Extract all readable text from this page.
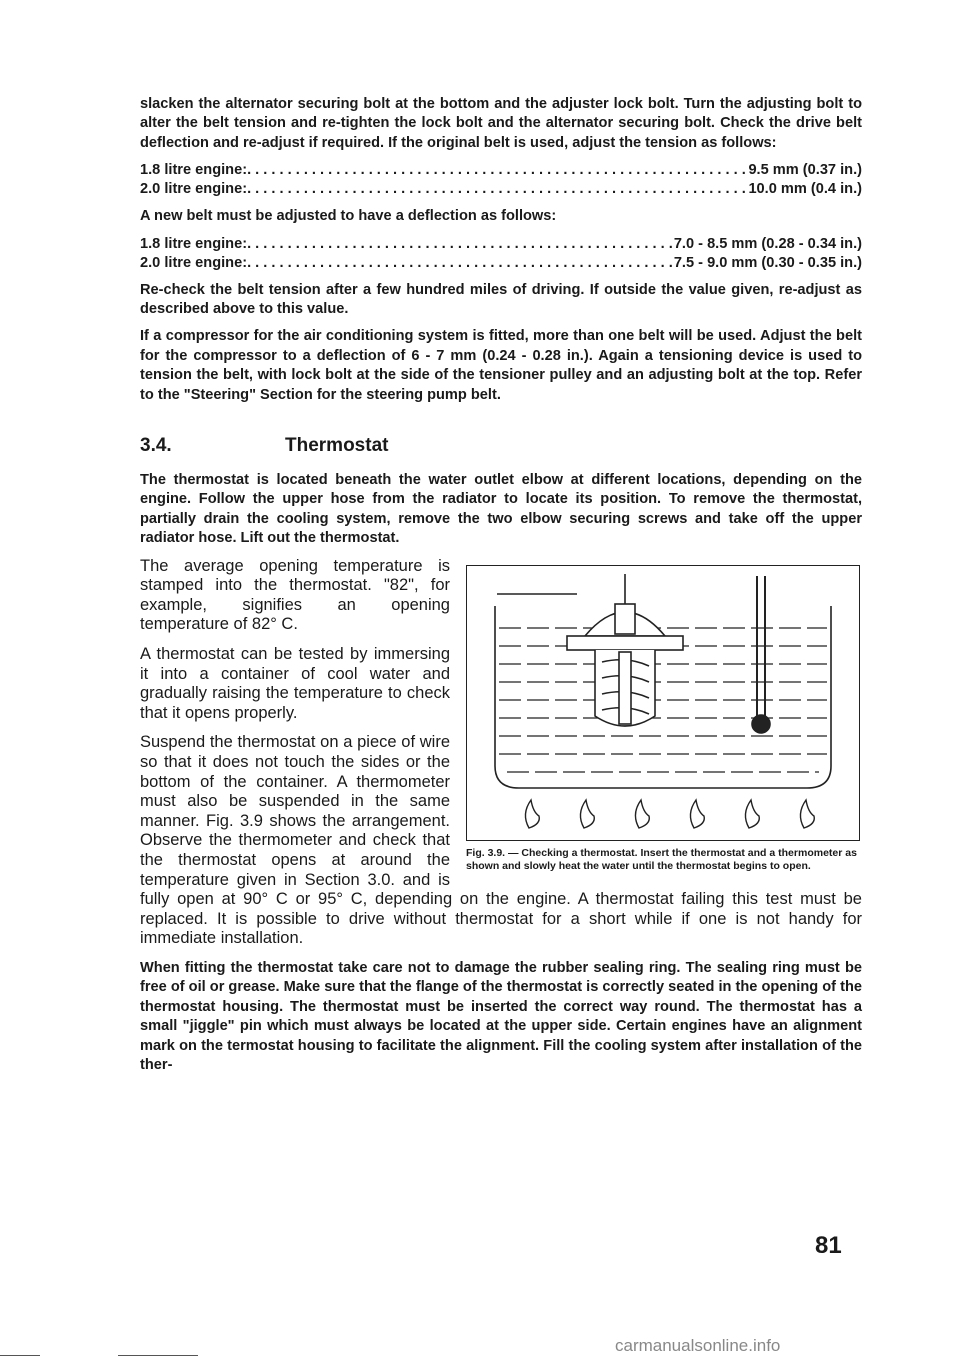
slacken the alternator securing bolt at the bottom and the adjuster lock bolt. Turn the adjusting bolt to alter the belt tension and re-tighten the lock bolt and the alternator securing bolt. Check the drive belt deflection and re-adjust if required. If the original belt is used, adjust the tension as follows:

1.8 litre engine: . . .	9.5 mm (0.37 in.)
2.0 litre engine: . . .	10.0 mm (0.4 in.)

A new belt must be adjusted to have a deflection as follows:

1.8 litre engine: . . .	7.0 - 8.5 mm (0.28 - 0.34 in.)
2.0 litre engine: . . .	7.5 - 9.0 mm (0.30 - 0.35 in.)

Re-check the belt tension after a few hundred miles of driving. If outside the value given, re-adjust as described above to this value.

If a compressor for the air conditioning system is fitted, more than one belt will be used. Adjust the belt for the compressor to a deflection of 6 - 7 mm (0.24 - 0.28 in.). Again a tensioning device is used to tension the belt, with lock bolt at the side of the tensioner pulley and an adjusting bolt at the top. Refer to the "Steering" Section for the steering pump belt.

3.4.	Thermostat

The thermostat is located beneath the water outlet elbow at different locations, depending on the engine. Follow the upper hose from the radiator to locate its position. To remove the thermostat, partially drain the cooling system, remove the two elbow securing screws and take off the upper radiator hose. Lift out the thermostat.

Fig. 3.9. — Checking a thermostat. Insert the thermostat and a thermometer as shown and slowly heat the water until the thermostat begins to open.

The average opening temperature is stamped into the thermostat. "82", for example, signifies an opening temperature of 82° C.

A thermostat can be tested by immersing it into a container of cool water and gradually raising the temperature to check that it opens properly.

Suspend the thermostat on a piece of wire so that it does not touch the sides or the bottom of the container. A thermometer must also be suspended in the same manner. Fig. 3.9 shows the arrangement. Observe the thermometer and check that the thermostat opens at around the temperature given in Section 3.0. and is fully open at 90° C or 95° C, depending on the engine. A thermostat failing this test must be replaced. It is possible to drive without thermostat for a short while if one is not handy for immediate installation.

When fitting the thermostat take care not to damage the rubber sealing ring. The sealing ring must be free of oil or grease. Make sure that the flange of the thermostat is correctly seated in the opening of the thermostat housing. The thermostat must be inserted the correct way round. The thermostat has a small "jiggle" pin which must always be located at the upper side. Certain engines have an alignment mark on the termostat housing to facilitate the alignment. Fill the cooling system after installation of the ther-

81
carmanualsonline.info
